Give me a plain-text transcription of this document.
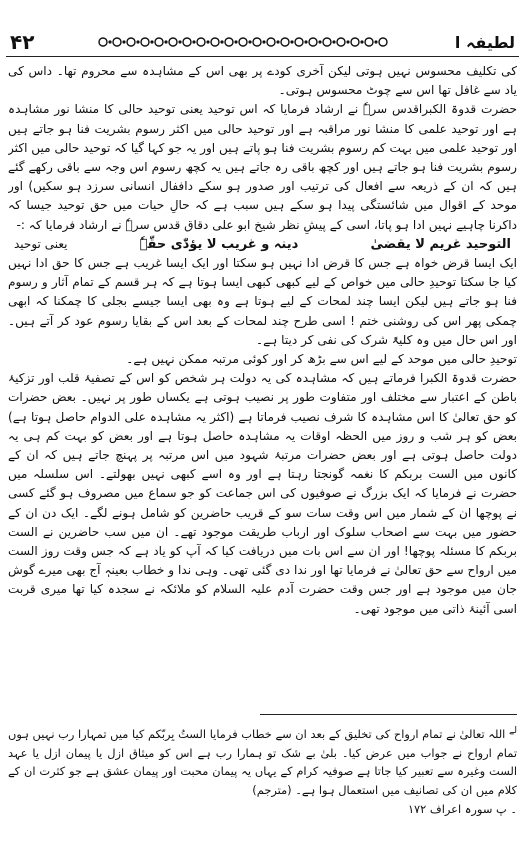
۴۲	لطیفہ ا

کی تکلیف محسوس نہیں ہوتی لیکن آخری کودے پر بھی اس کے مشاہدہ سے محروم تھا۔ داس کی یاد سے غافل تھا اس سے چوٹ محسوس ہوتی۔

حضرت قدوۃ الکبراقدس سرہٗ نے ارشاد فرمایا کہ اس توحید یعنی توحید حالی کا منشا نور مشاہدہ ہے اور توحید علمی کا منشا نور مراقبہ ہے اور توحید حالی میں اکثر رسوم بشریت فنا ہو جاتے ہیں اور توحید علمی میں بہت کم رسوم بشریت فنا ہو پاتے ہیں اور یہ جو کہا گیا کہ توحید حالی میں اکثر رسوم بشریت فنا ہو جاتے ہیں اور کچھ باقی رہ جاتے ہیں یہ کچھ رسوم اس وجہ سے باقی رکھے گئے ہیں کہ ان کے ذریعہ سے افعال کی ترتیب اور صدور ہو سکے داففال انسانی سرزد ہو سکیں) اور موحد کے اقوال میں شائستگی پیدا ہو سکے ہیں سبب ہے کہ حالِ حیات میں حق توحید جیسا کہ داکرنا چاہیے نہیں ادا ہو پاتا، اسی کے پیشِ نظر شیخ ابو علی دقاق قدس سرہٗ نے ارشاد فرمایا کہ :-

التوحید غریم لا یقضیٰ
دینہ و غریب لا یؤدّٰی حقّہٗ
یعنی توحید

ایک ایسا قرض خواہ ہے جس کا قرض ادا نہیں ہو سکتا اور ایک ایسا غریب ہے جس کا حق ادا نہیں کیا جا سکتا توحیدِ حالی میں خواص کے لیے کبھی کبھی ایسا ہوتا ہے کہ ہر قسم کے تمام آثار و رسوم فنا ہو جاتے ہیں لیکن ایسا چند لمحات کے لیے ہوتا ہے وہ بھی ایسا جیسے بجلی کا چمکنا کہ ابھی چمکی پھر اس کی روشنی ختم ! اسی طرح چند لمحات کے بعد اس کے بقایا رسوم عود کر آتے ہیں۔ اور اس حال میں وہ کلیۃً شرک کی نفی کر دیتا ہے۔

توحیدِ حالی میں موحد کے لیے اس سے بڑھ کر اور کوئی مرتبہ ممکن نہیں ہے۔

حضرت قدوۃ الکبرا فرماتے ہیں کہ مشاہدہ کی یہ دولت ہر شخص کو اس کے تصفیۂ قلب اور تزکیۂ باطن کے اعتبار سے مختلف اور متفاوت طور پر نصیب ہوتی ہے یکساں طور پر نہیں۔ بعض حضرات کو حق تعالیٰ کا اس مشاہدہ کا شرف نصیب فرماتا ہے (اکثر یہ مشاہدہ علی الدوام حاصل ہوتا ہے) بعض کو ہر شب و روز میں الحظہ اوقات یہ مشاہدہ حاصل ہوتا ہے اور بعض کو بہت کم ہی یہ دولت حاصل ہوتی ہے اور بعض حضرات مرتبۂ شہود میں اس مرتبہ پر پہنچ جاتے ہیں کہ ان کے کانوں میں الست بربکم کا نغمہ گونجتا رہتا ہے اور وہ اسے کبھی نہیں بھولتے۔ اس سلسلہ میں حضرت نے فرمایا کہ ایک بزرگ نے صوفیوں کی اس جماعت کو جو سماع میں مصروف ہو گئے کسی نے پوچھا ان کے شمار میں اس وقت سات سو کے قریب حاضرین کو شامل ہونے لگے۔ ایک دن ان کے حضور میں بہت سے اصحاب سلوک اور ارباب طریقت موجود تھے۔ ان میں سب حاضرین نے الست بربکم کا مسئلہ پوچھا! اور ان سے اس بات میں دریافت کیا کہ آپ کو یاد ہے کہ جس وقت روز الست میں ارواح سے حق تعالیٰ نے فرمایا تھا اور ندا دی گئی تھی۔ وہی ندا و خطاب بعینہٖ آج بھی میرے گوش جان میں موجود ہے اور جس وقت حضرت آدم علیہ السلام کو ملائکہ نے سجدہ کیا تھا میری قربت اسی آئینۂ ذاتی میں موجود تھی۔

$^{لے}$ اللہ تعالیٰ نے تمام ارواح کی تخلیق کے بعد ان سے خطاب فرمایا الستُ بِربّکم کیا میں تمہارا رب نہیں ہوں تمام ارواح نے جواب میں عرض کیا۔ بلیٰ بے شک تو ہمارا رب ہے اس کو میثاق ازل یا پیمان ازل یا عہد الست وغیرہ سے تعبیر کیا جاتا ہے صوفیہ کرام کے یہاں یہ پیمان محبت اور پیمان عشق ہے جو کثرت ان کے کلام میں ان کی تصانیف میں استعمال ہوا ہے۔ (مترجم)

۔ پ سورہ اعراف ۱۷۲
